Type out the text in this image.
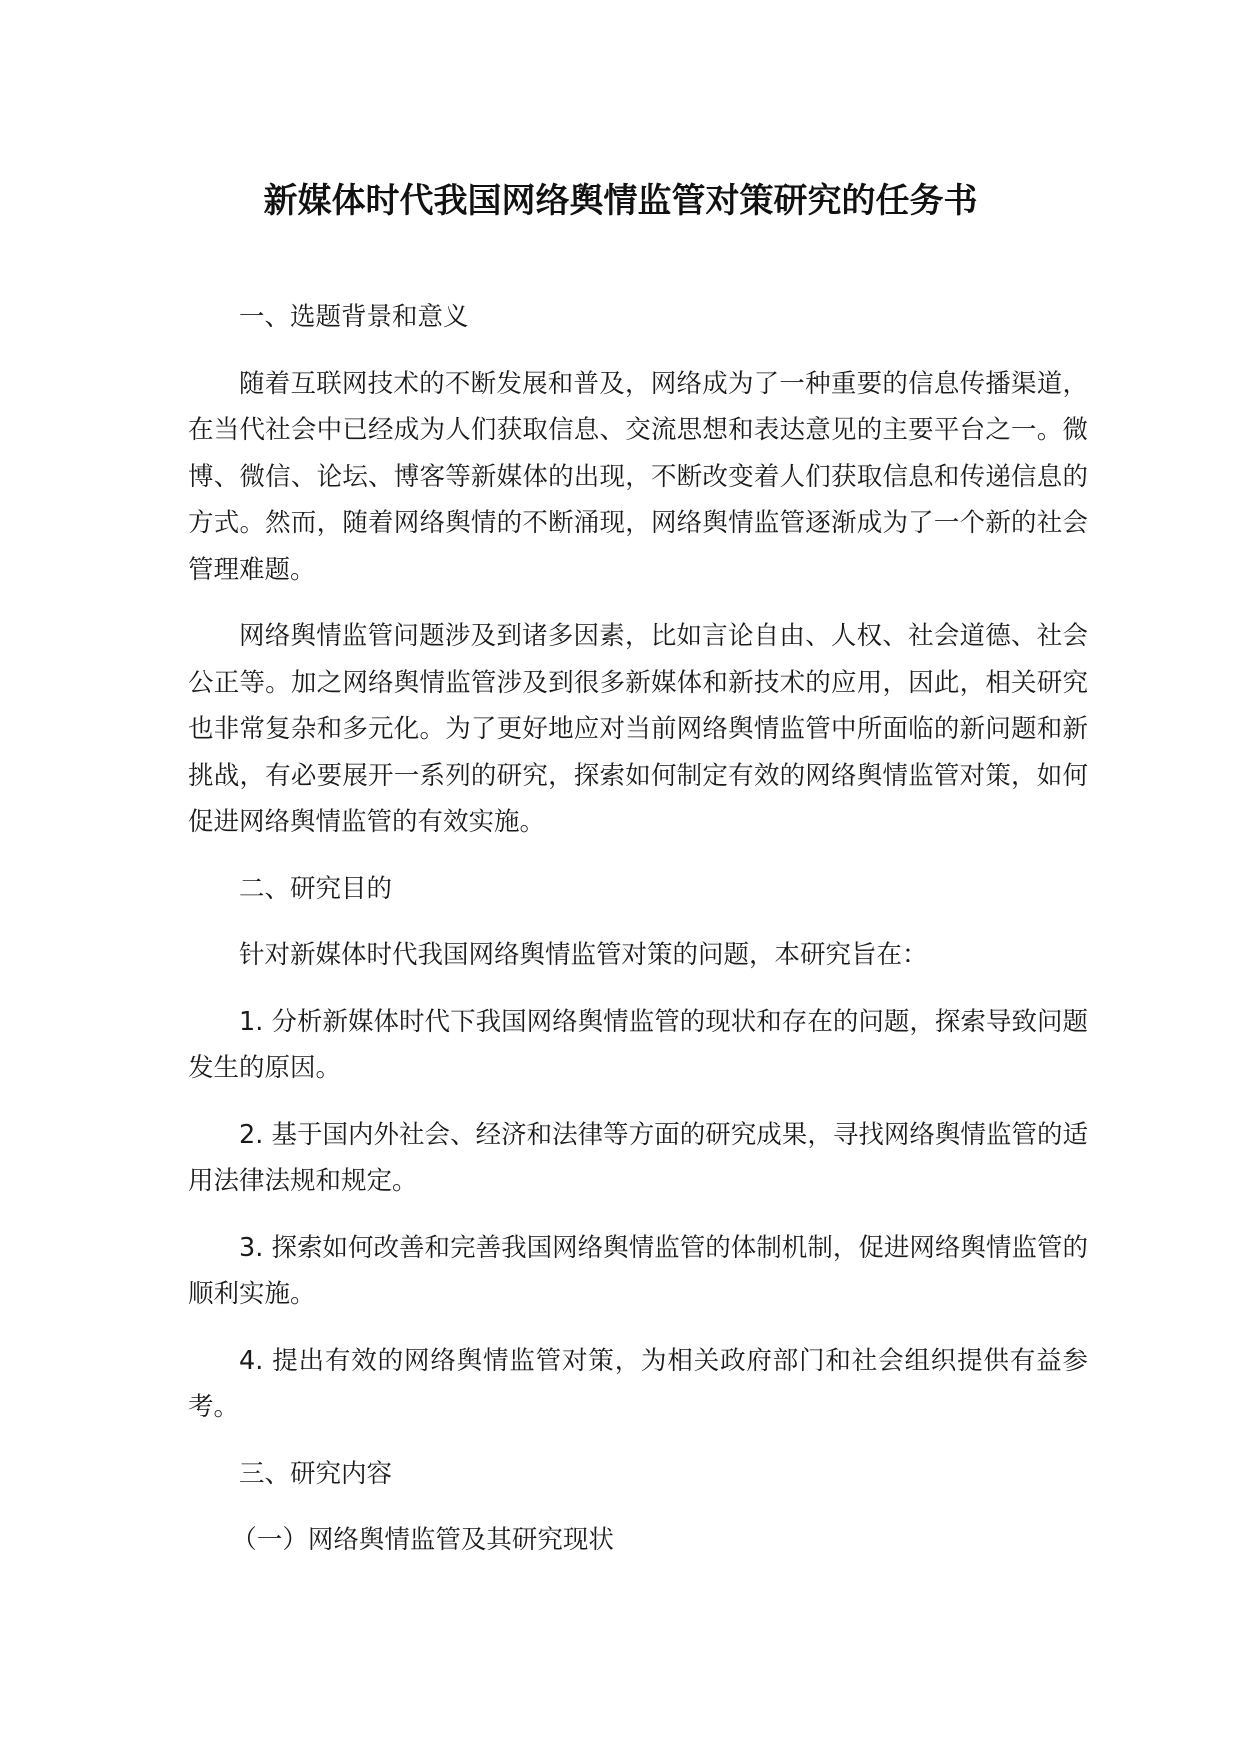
新媒体时代我国网络舆情监管对策研究的任务书

一、选题背景和意义

随着互联网技术的不断发展和普及，网络成为了一种重要的信息传播渠道，在当代社会中已经成为人们获取信息、交流思想和表达意见的主要平台之一。微博、微信、论坛、博客等新媒体的出现，不断改变着人们获取信息和传递信息的方式。然而，随着网络舆情的不断涌现，网络舆情监管逐渐成为了一个新的社会管理难题。

网络舆情监管问题涉及到诸多因素，比如言论自由、人权、社会道德、社会公正等。加之网络舆情监管涉及到很多新媒体和新技术的应用，因此，相关研究也非常复杂和多元化。为了更好地应对当前网络舆情监管中所面临的新问题和新挑战，有必要展开一系列的研究，探索如何制定有效的网络舆情监管对策，如何促进网络舆情监管的有效实施。

二、研究目的

针对新媒体时代我国网络舆情监管对策的问题，本研究旨在：

1. 分析新媒体时代下我国网络舆情监管的现状和存在的问题，探索导致问题发生的原因。

2. 基于国内外社会、经济和法律等方面的研究成果，寻找网络舆情监管的适用法律法规和规定。

3. 探索如何改善和完善我国网络舆情监管的体制机制，促进网络舆情监管的顺利实施。

4. 提出有效的网络舆情监管对策，为相关政府部门和社会组织提供有益参考。

三、研究内容

（一）网络舆情监管及其研究现状
